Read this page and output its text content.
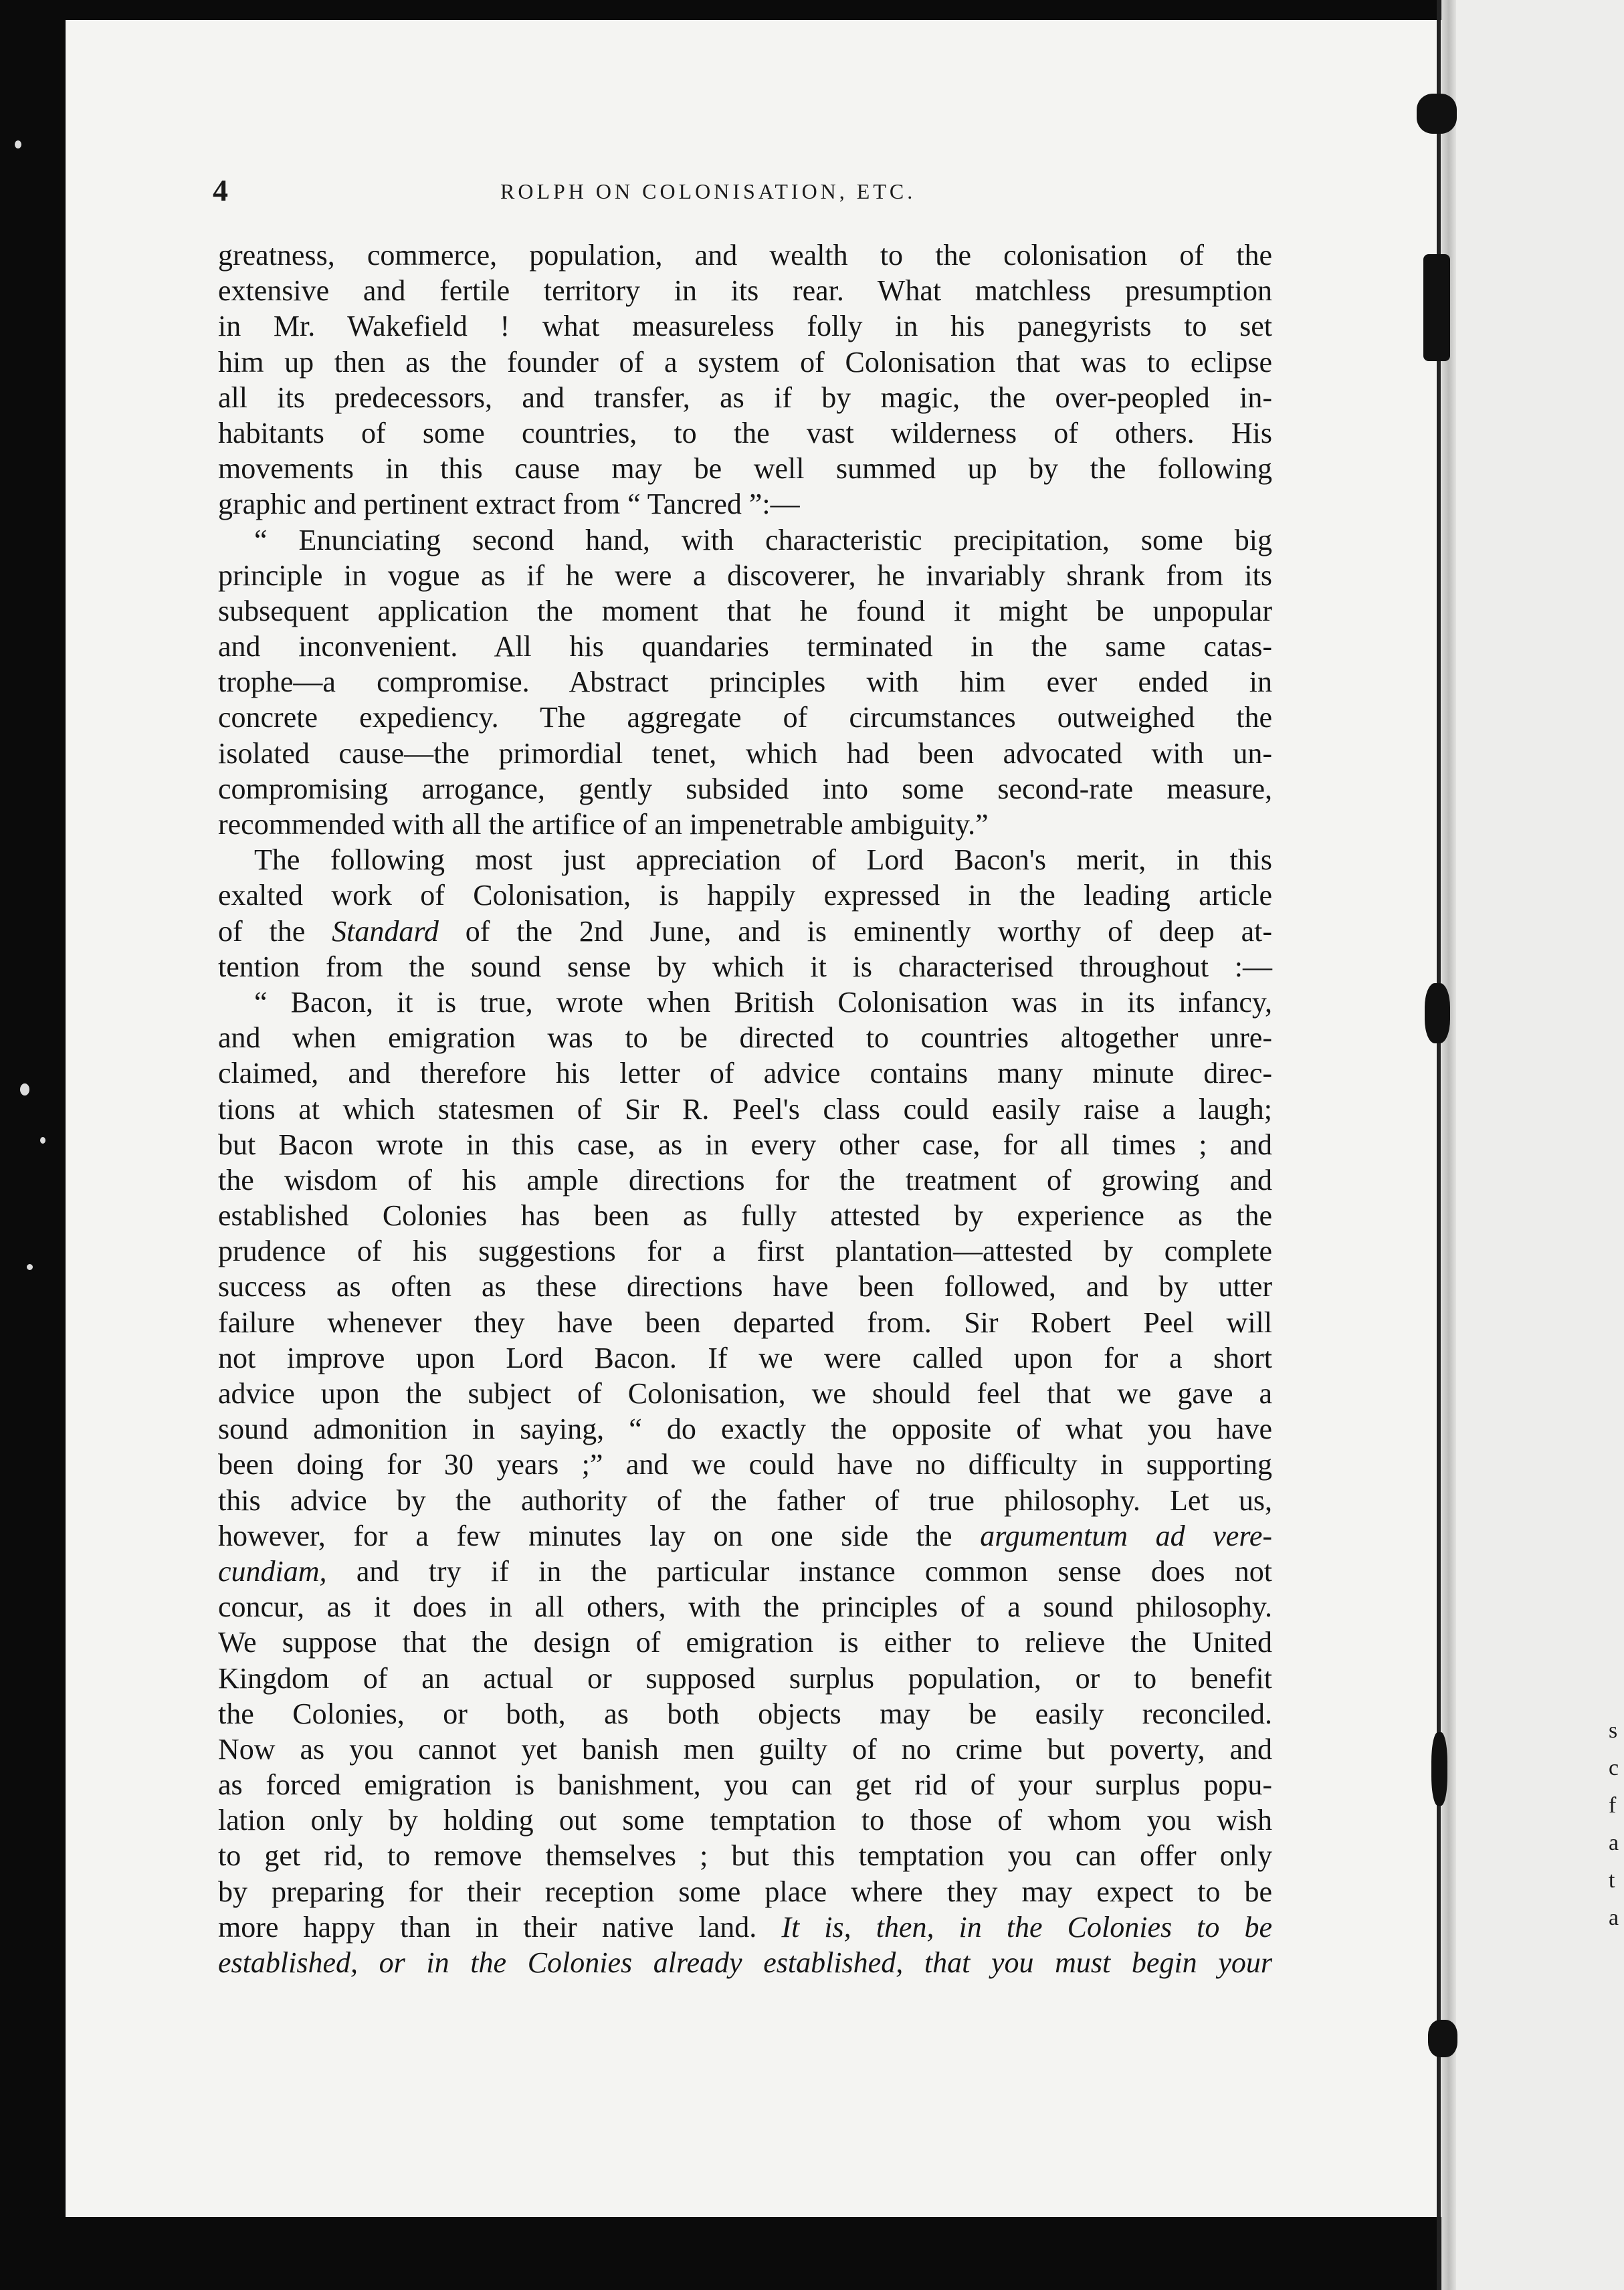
4	ROLPH ON COLONISATION, ETC.
greatness, commerce, population, and wealth to the colonisation of the
extensive and fertile territory in its rear. What matchless presumption
in Mr. Wakefield ! what measureless folly in his panegyrists to set
him up then as the founder of a system of Colonisation that was to eclipse
all its predecessors, and transfer, as if by magic, the over-peopled in-
habitants of some countries, to the vast wilderness of others. His
movements in this cause may be well summed up by the following
graphic and pertinent extract from “ Tancred ”:—
“ Enunciating second hand, with characteristic precipitation, some big
principle in vogue as if he were a discoverer, he invariably shrank from its
subsequent application the moment that he found it might be unpopular
and inconvenient. All his quandaries terminated in the same catas-
trophe—a compromise. Abstract principles with him ever ended in
concrete expediency. The aggregate of circumstances outweighed the
isolated cause—the primordial tenet, which had been advocated with un-
compromising arrogance, gently subsided into some second-rate measure,
recommended with all the artifice of an impenetrable ambiguity.”
The following most just appreciation of Lord Bacon's merit, in this
exalted work of Colonisation, is happily expressed in the leading article
of the Standard of the 2nd June, and is eminently worthy of deep at-
tention from the sound sense by which it is characterised throughout :—
“ Bacon, it is true, wrote when British Colonisation was in its infancy,
and when emigration was to be directed to countries altogether unre-
claimed, and therefore his letter of advice contains many minute direc-
tions at which statesmen of Sir R. Peel's class could easily raise a laugh;
but Bacon wrote in this case, as in every other case, for all times ; and
the wisdom of his ample directions for the treatment of growing and
established Colonies has been as fully attested by experience as the
prudence of his suggestions for a first plantation—attested by complete
success as often as these directions have been followed, and by utter
failure whenever they have been departed from. Sir Robert Peel will
not improve upon Lord Bacon. If we were called upon for a short
advice upon the subject of Colonisation, we should feel that we gave a
sound admonition in saying, “ do exactly the opposite of what you have
been doing for 30 years ;” and we could have no difficulty in supporting
this advice by the authority of the father of true philosophy. Let us,
however, for a few minutes lay on one side the argumentum ad vere-
cundiam, and try if in the particular instance common sense does not
concur, as it does in all others, with the principles of a sound philosophy.
We suppose that the design of emigration is either to relieve the United
Kingdom of an actual or supposed surplus population, or to benefit
the Colonies, or both, as both objects may be easily reconciled.
Now as you cannot yet banish men guilty of no crime but poverty, and
as forced emigration is banishment, you can get rid of your surplus popu-
lation only by holding out some temptation to those of whom you wish
to get rid, to remove themselves ; but this temptation you can offer only
by preparing for their reception some place where they may expect to be
more happy than in their native land. It is, then, in the Colonies to be
established, or in the Colonies already established, that you must begin your
s
c
f
a
t
a
